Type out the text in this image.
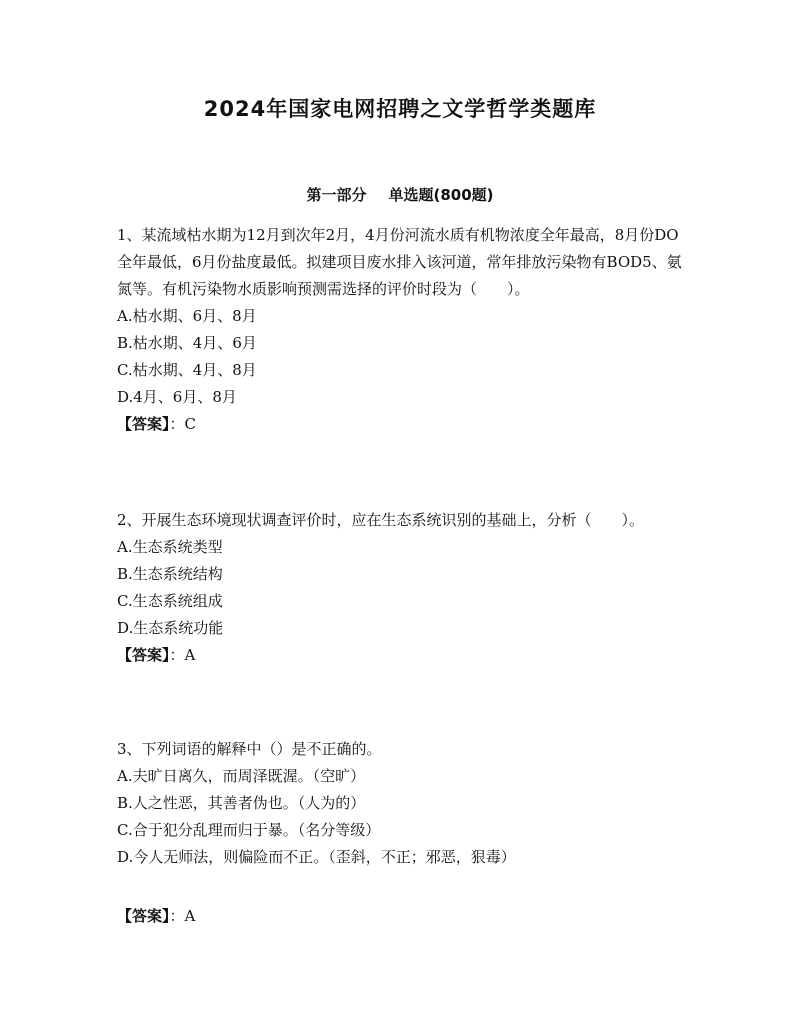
2024年国家电网招聘之文学哲学类题库
第一部分 单选题(800题)

1、某流域枯水期为12月到次年2月，4月份河流水质有机物浓度全年最高，8月份DO全年最低，6月份盐度最低。拟建项目废水排入该河道，常年排放污染物有BOD5、氨氮等。有机污染物水质影响预测需选择的评价时段为（　　）。

A.枯水期、6月、8月

B.枯水期、4月、6月

C.枯水期、4月、8月

D.4月、6月、8月

【答案】：C

2、开展生态环境现状调查评价时，应在生态系统识别的基础上，分析（　　）。

A.生态系统类型

B.生态系统结构

C.生态系统组成

D.生态系统功能

【答案】：A

3、下列词语的解释中（）是不正确的。

A.夫旷日离久，而周泽既渥。（空旷）

B.人之性恶，其善者伪也。（人为的）

C.合于犯分乱理而归于暴。（名分等级）

D.今人无师法，则偏险而不正。（歪斜，不正；邪恶，狠毒）

【答案】：A
